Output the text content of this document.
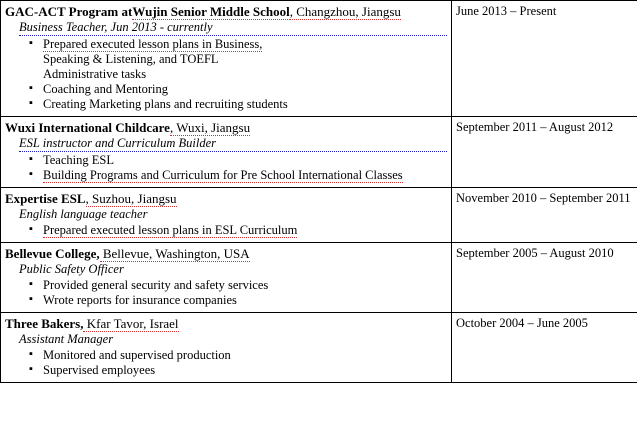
GAC-ACT Program atWujin Senior Middle School, Changzhou, Jiangsu

Business Teacher, Jun 2013 - currently

▪ Prepared executed lesson plans in Business,
Speaking & Listening, and TOEFL
Administrative tasks
▪ Coaching and Mentoring
▪ Creating Marketing plans and recruiting students

June 2013 – Present

Wuxi International Childcare, Wuxi, Jiangsu

ESL instructor and Curriculum Builder

▪ Teaching ESL
▪ Building Programs and Curriculum for Pre School International Classes

September 2011 – August 2012

Expertise ESL, Suzhou, Jiangsu

English language teacher

▪ Prepared executed lesson plans in ESL Curriculum

November 2010 – September 2011

Bellevue College, Bellevue, Washington, USA

Public Safety Officer

▪ Provided general security and safety services
▪ Wrote reports for insurance companies

September 2005 – August 2010

Three Bakers, Kfar Tavor, Israel

Assistant Manager

▪ Monitored and supervised production
▪ Supervised employees

October 2004 – June 2005
